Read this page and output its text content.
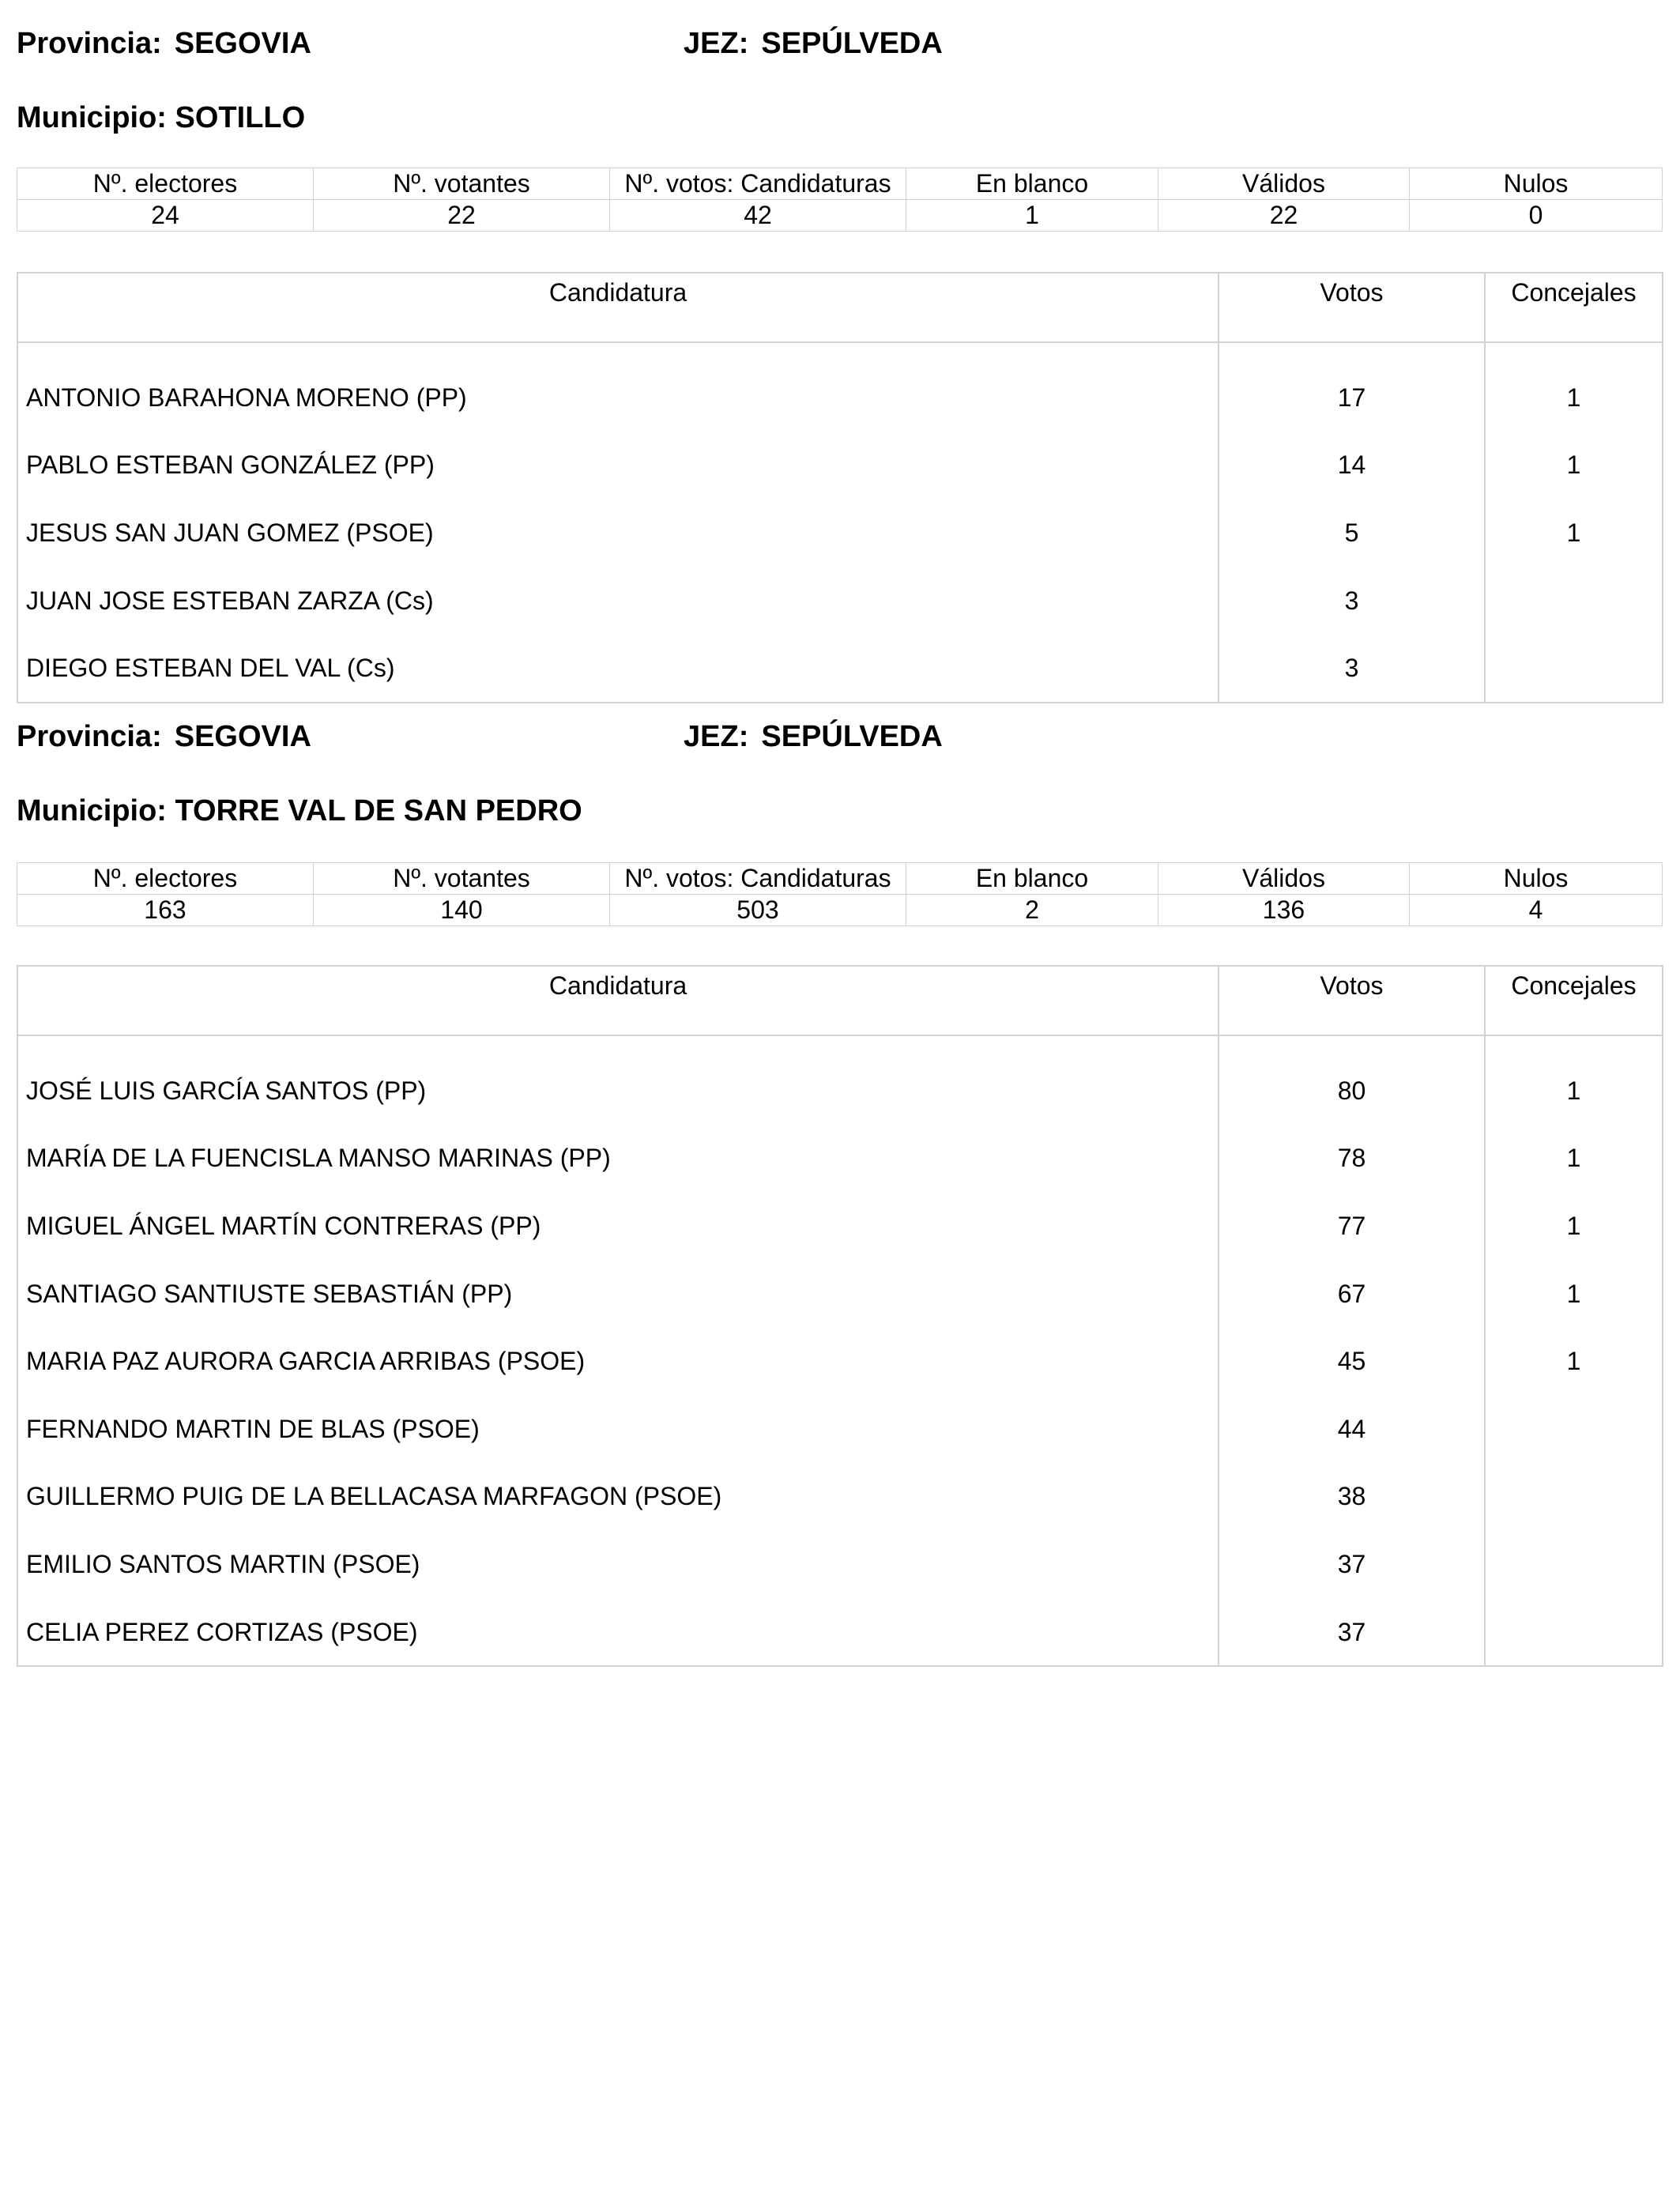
Provincia: SEGOVIA	JEZ: SEPÚLVEDA
Municipio: SOTILLO
Nº. electores	Nº. votantes	Nº. votos: Candidaturas	En blanco	Válidos	Nulos
24	22	42	1	22	0
Candidatura	Votos	Concejales
ANTONIO BARAHONA MORENO (PP)	17	1
PABLO ESTEBAN GONZÁLEZ (PP)	14	1
JESUS SAN JUAN GOMEZ (PSOE)	5	1
JUAN JOSE ESTEBAN ZARZA (Cs)	3	
DIEGO ESTEBAN DEL VAL (Cs)	3	
Provincia: SEGOVIA	JEZ: SEPÚLVEDA
Municipio: TORRE VAL DE SAN PEDRO
Nº. electores	Nº. votantes	Nº. votos: Candidaturas	En blanco	Válidos	Nulos
163	140	503	2	136	4
Candidatura	Votos	Concejales
JOSÉ LUIS GARCÍA SANTOS (PP)	80	1
MARÍA DE LA FUENCISLA MANSO MARINAS (PP)	78	1
MIGUEL ÁNGEL MARTÍN CONTRERAS (PP)	77	1
SANTIAGO SANTIUSTE SEBASTIÁN (PP)	67	1
MARIA PAZ AURORA GARCIA ARRIBAS (PSOE)	45	1
FERNANDO MARTIN DE BLAS (PSOE)	44	
GUILLERMO PUIG DE LA BELLACASA MARFAGON (PSOE)	38	
EMILIO SANTOS MARTIN (PSOE)	37	
CELIA PEREZ CORTIZAS (PSOE)	37	
